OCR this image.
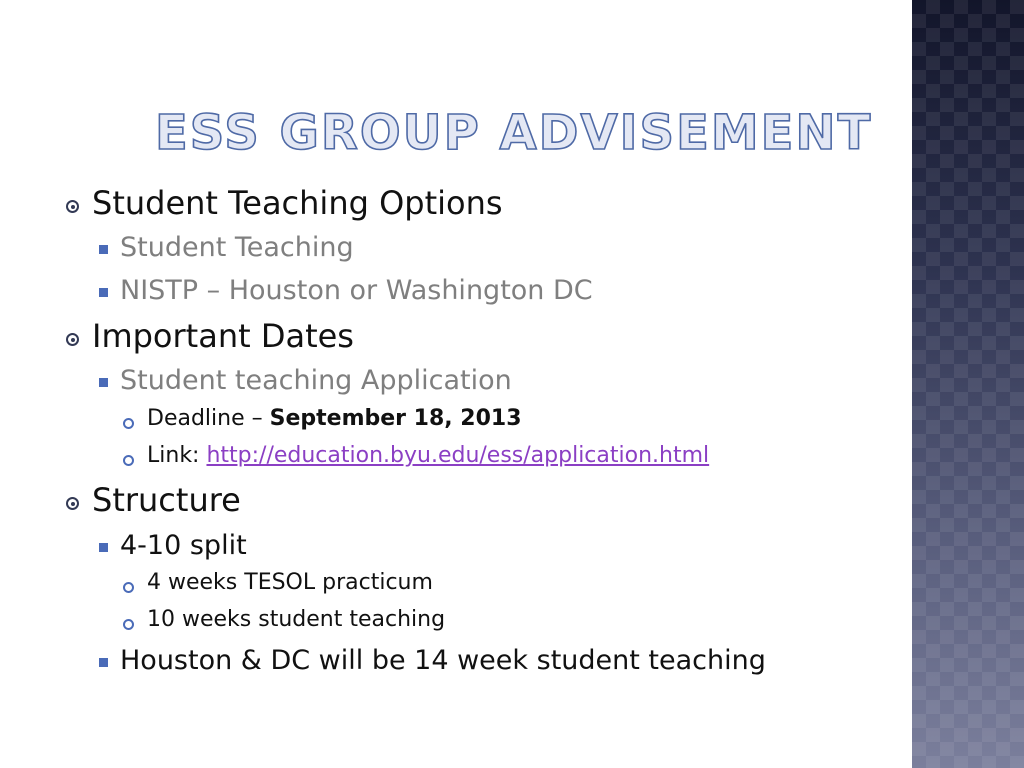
ESS GROUP ADVISEMENT
Student Teaching Options
Student Teaching
NISTP – Houston or Washington DC
Important Dates
Student teaching Application
Deadline – September 18, 2013
Link: http://education.byu.edu/ess/application.html
Structure
4-10 split
4 weeks TESOL practicum
10 weeks student teaching
Houston & DC will be 14 week student teaching
